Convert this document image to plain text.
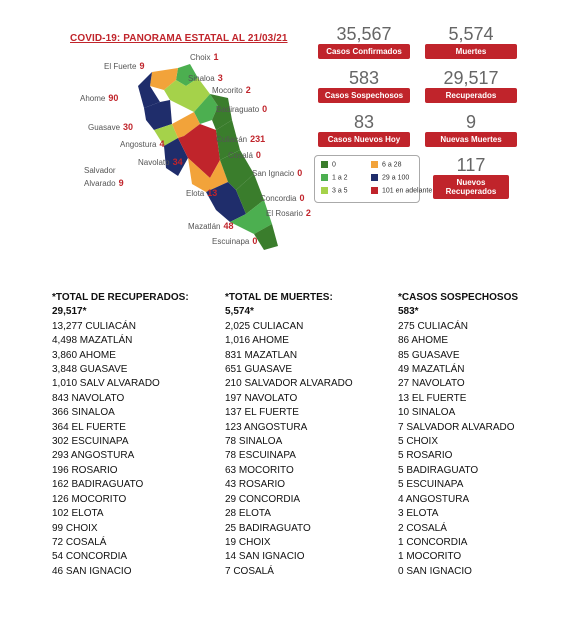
COVID-19: PANORAMA ESTATAL AL 21/03/21
Choix 1
El Fuerte 9
Sinaloa 3
Mocorito 2
Ahome 90
Badiraguato 0
Guasave 30
Angostura 4	Culiacán 231
Cosalá 0
Navolato 34
Salvador
Alvarado 9
San Ignacio 0
Elota 13
Concordia 0
El Rosario 2
Mazatlán 48
Escuinapa 0
35,567
Casos Confirmados
5,574
Muertes
583
Casos Sospechosos
29,517
Recuperados
83
Casos Nuevos Hoy
9
Nuevas Muertes
117
Nuevos Recuperados
0	6 a 28
1 a 2	29 a 100
3 a 5	101 en adelante
*TOTAL DE RECUPERADOS:
29,517*
13,277 CULIACÁN
4,498 MAZATLÁN
3,860 AHOME
3,848 GUASAVE
1,010 SALV ALVARADO
843 NAVOLATO
366 SINALOA
364 EL FUERTE
302 ESCUINAPA
293 ANGOSTURA
196 ROSARIO
162 BADIRAGUATO
126 MOCORITO
102 ELOTA
99 CHOIX
72 COSALÁ
54 CONCORDIA
46 SAN IGNACIO
*TOTAL DE MUERTES:
5,574*
2,025 CULIACAN
1,016 AHOME
831 MAZATLAN
651 GUASAVE
210 SALVADOR ALVARADO
197 NAVOLATO
137 EL FUERTE
123 ANGOSTURA
78 SINALOA
78 ESCUINAPA
63 MOCORITO
43 ROSARIO
29 CONCORDIA
28 ELOTA
25 BADIRAGUATO
19 CHOIX
14 SAN IGNACIO
7 COSALÁ
*CASOS SOSPECHOSOS
583*
275 CULIACÁN
86 AHOME
85 GUASAVE
49 MAZATLÁN
27 NAVOLATO
13 EL FUERTE
10 SINALOA
7 SALVADOR ALVARADO
5 CHOIX
5 ROSARIO
5 BADIRAGUATO
5 ESCUINAPA
4 ANGOSTURA
3 ELOTA
2 COSALÁ
1 CONCORDIA
1 MOCORITO
0 SAN IGNACIO
